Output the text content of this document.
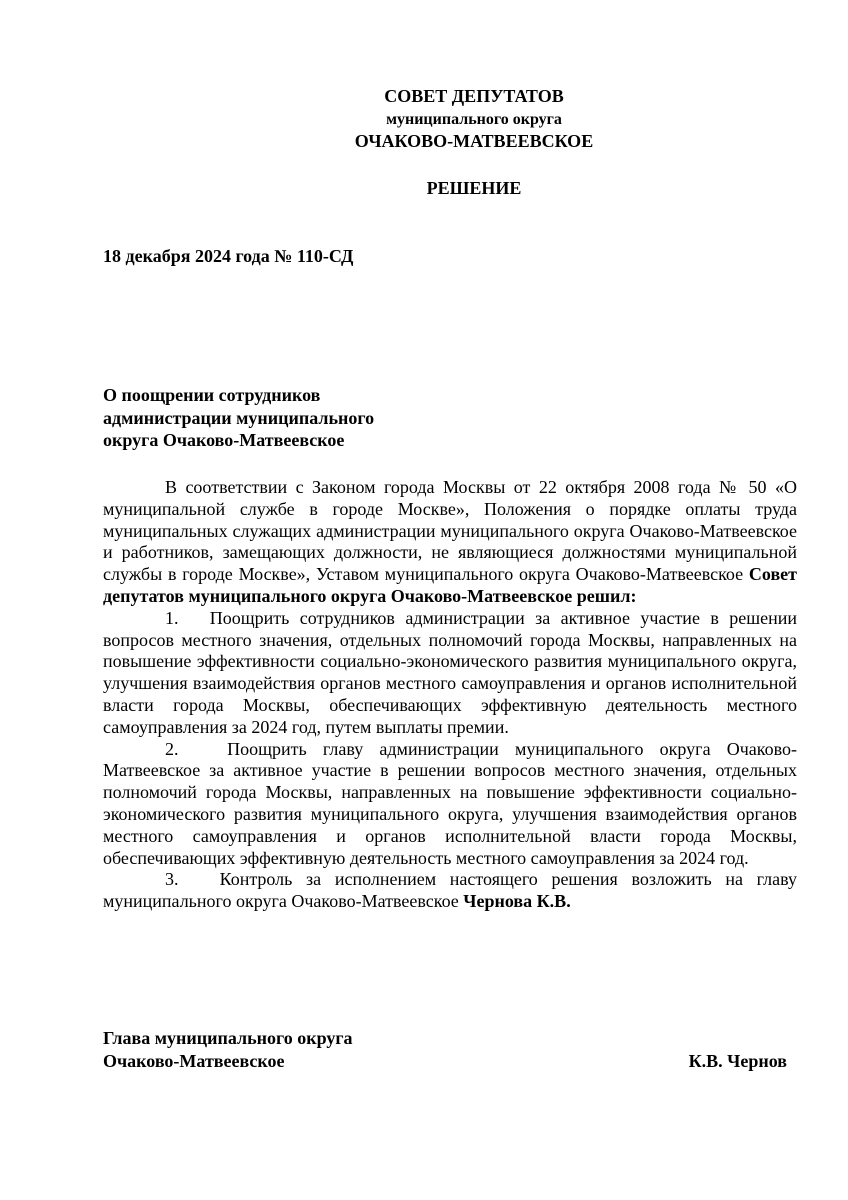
СОВЕТ ДЕПУТАТОВ
муниципального округа
ОЧАКОВО-МАТВЕЕВСКОЕ
РЕШЕНИЕ
18 декабря 2024 года № 110-СД
О поощрении сотрудников
администрации муниципального
округа Очаково-Матвеевское

В соответствии с Законом города Москвы от 22 октября 2008 года № 50 «О муниципальной службе в городе Москве», Положения о порядке оплаты труда муниципальных служащих администрации муниципального округа Очаково-Матвеевское и работников, замещающих должности, не являющиеся должностями муниципальной службы в городе Москве», Уставом муниципального округа Очаково-Матвеевское Совет депутатов муниципального округа Очаково-Матвеевское решил:

1. Поощрить сотрудников администрации за активное участие в решении вопросов местного значения, отдельных полномочий города Москвы, направленных на повышение эффективности социально-экономического развития муниципального округа, улучшения взаимодействия органов местного самоуправления и органов исполнительной власти города Москвы, обеспечивающих эффективную деятельность местного самоуправления за 2024 год, путем выплаты премии.

2.	Поощрить главу администрации муниципального округа Очаково-Матвеевское за активное участие в решении вопросов местного значения, отдельных полномочий города Москвы, направленных на повышение эффективности социально-экономического развития муниципального округа, улучшения взаимодействия органов местного самоуправления и органов исполнительной власти города Москвы, обеспечивающих эффективную деятельность местного самоуправления за 2024 год.

3. Контроль за исполнением настоящего решения возложить на главу муниципального округа Очаково-Матвеевское Чернова К.В.

Глава муниципального округа
Очаково-Матвеевское	К.В. Чернов
